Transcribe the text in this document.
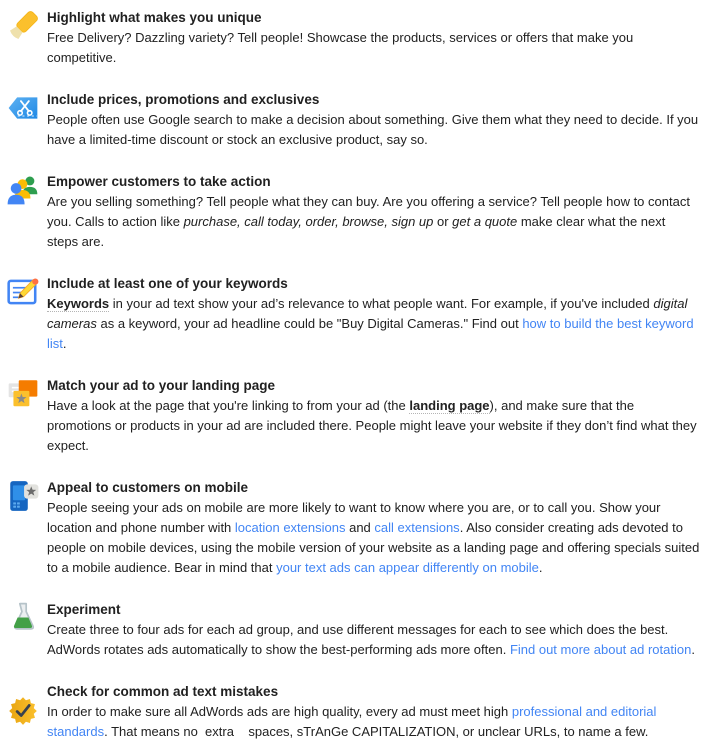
Highlight what makes you unique

Free Delivery? Dazzling variety? Tell people! Showcase the products, services or offers that make you competitive.

Include prices, promotions and exclusives

People often use Google search to make a decision about something. Give them what they need to decide. If you have a limited-time discount or stock an exclusive product, say so.

Empower customers to take action

Are you selling something? Tell people what they can buy. Are you offering a service? Tell people how to contact you. Calls to action like purchase, call today, order, browse, sign up or get a quote make clear what the next steps are.

Include at least one of your keywords

Keywords in your ad text show your ad’s relevance to what people want. For example, if you've included digital cameras as a keyword, your ad headline could be "Buy Digital Cameras." Find out how to build the best keyword list.

Match your ad to your landing page

Have a look at the page that you're linking to from your ad (the landing page), and make sure that the promotions or products in your ad are included there. People might leave your website if they don’t find what they expect.

Appeal to customers on mobile

People seeing your ads on mobile are more likely to want to know where you are, or to call you. Show your location and phone number with location extensions and call extensions. Also consider creating ads devoted to people on mobile devices, using the mobile version of your website as a landing page and offering specials suited to a mobile audience. Bear in mind that your text ads can appear differently on mobile.

Experiment

Create three to four ads for each ad group, and use different messages for each to see which does the best. AdWords rotates ads automatically to show the best-performing ads more often. Find out more about ad rotation.

Check for common ad text mistakes

In order to make sure all AdWords ads are high quality, every ad must meet high professional and editorial standards. That means no  extra    spaces, sTrAnGe CAPITALIZATION, or unclear URLs, to name a few.
